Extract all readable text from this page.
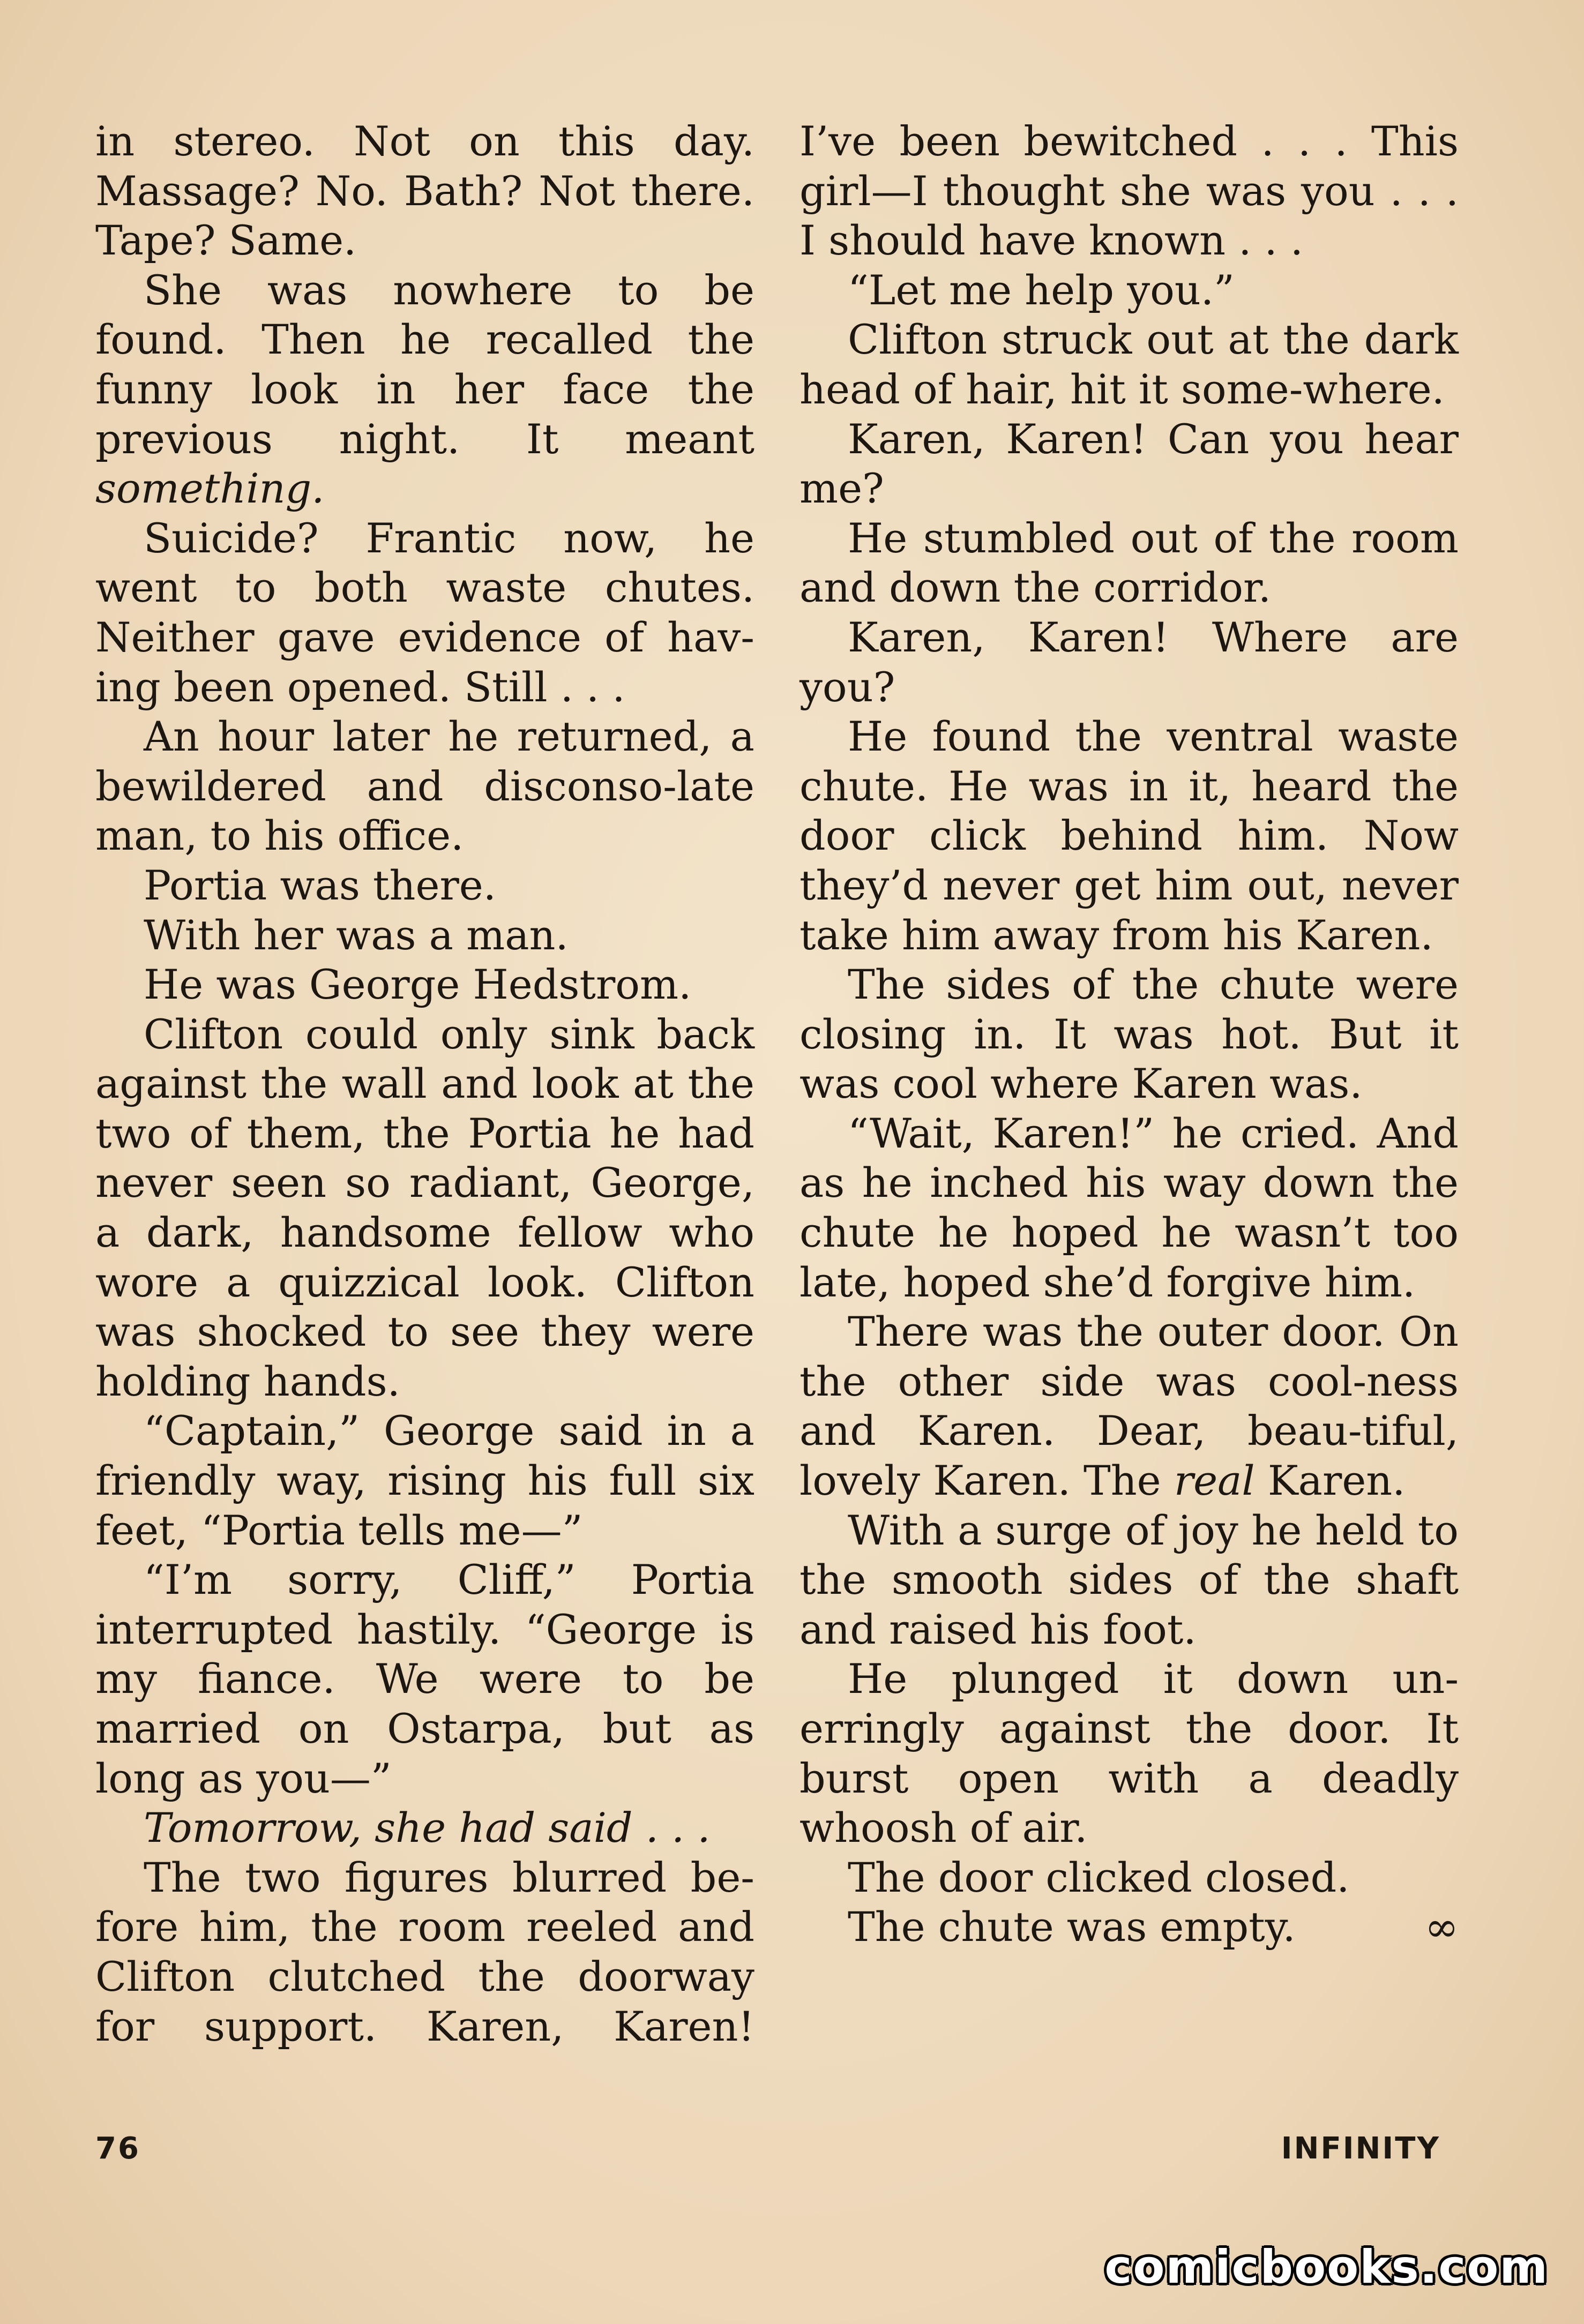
in stereo. Not on this day. Massage? No. Bath? Not there. Tape? Same.

She was nowhere to be found. Then he recalled the funny look in her face the previous night. It meant something.

Suicide? Frantic now, he went to both waste chutes. Neither gave evidence of hav-ing been opened. Still . . .

An hour later he returned, a bewildered and disconso-late man, to his office.

Portia was there.

With her was a man.

He was George Hedstrom.

Clifton could only sink back against the wall and look at the two of them, the Portia he had never seen so radiant, George, a dark, handsome fellow who wore a quizzical look. Clifton was shocked to see they were holding hands.

“Captain,” George said in a friendly way, rising his full six feet, “Portia tells me—”

“I’m sorry, Cliff,” Portia interrupted hastily. “George is my fiance. We were to be married on Ostarpa, but as long as you—”

Tomorrow, she had said . . .

The two figures blurred be-fore him, the room reeled and Clifton clutched the doorway for support. Karen, Karen!

I’ve been bewitched . . . This girl—I thought she was you . . . I should have known . . .

“Let me help you.”

Clifton struck out at the dark head of hair, hit it some-where.

Karen, Karen! Can you hear me?

He stumbled out of the room and down the corridor.

Karen, Karen! Where are you?

He found the ventral waste chute. He was in it, heard the door click behind him. Now they’d never get him out, never take him away from his Karen.

The sides of the chute were closing in. It was hot. But it was cool where Karen was.

“Wait, Karen!” he cried. And as he inched his way down the chute he hoped he wasn’t too late, hoped she’d forgive him.

There was the outer door. On the other side was cool-ness and Karen. Dear, beau-tiful, lovely Karen. The real Karen.

With a surge of joy he held to the smooth sides of the shaft and raised his foot.

He plunged it down un-erringly against the door. It burst open with a deadly whoosh of air.

The door clicked closed.

The chute was empty.	∞

76	INFINITY
comicbooks.com
